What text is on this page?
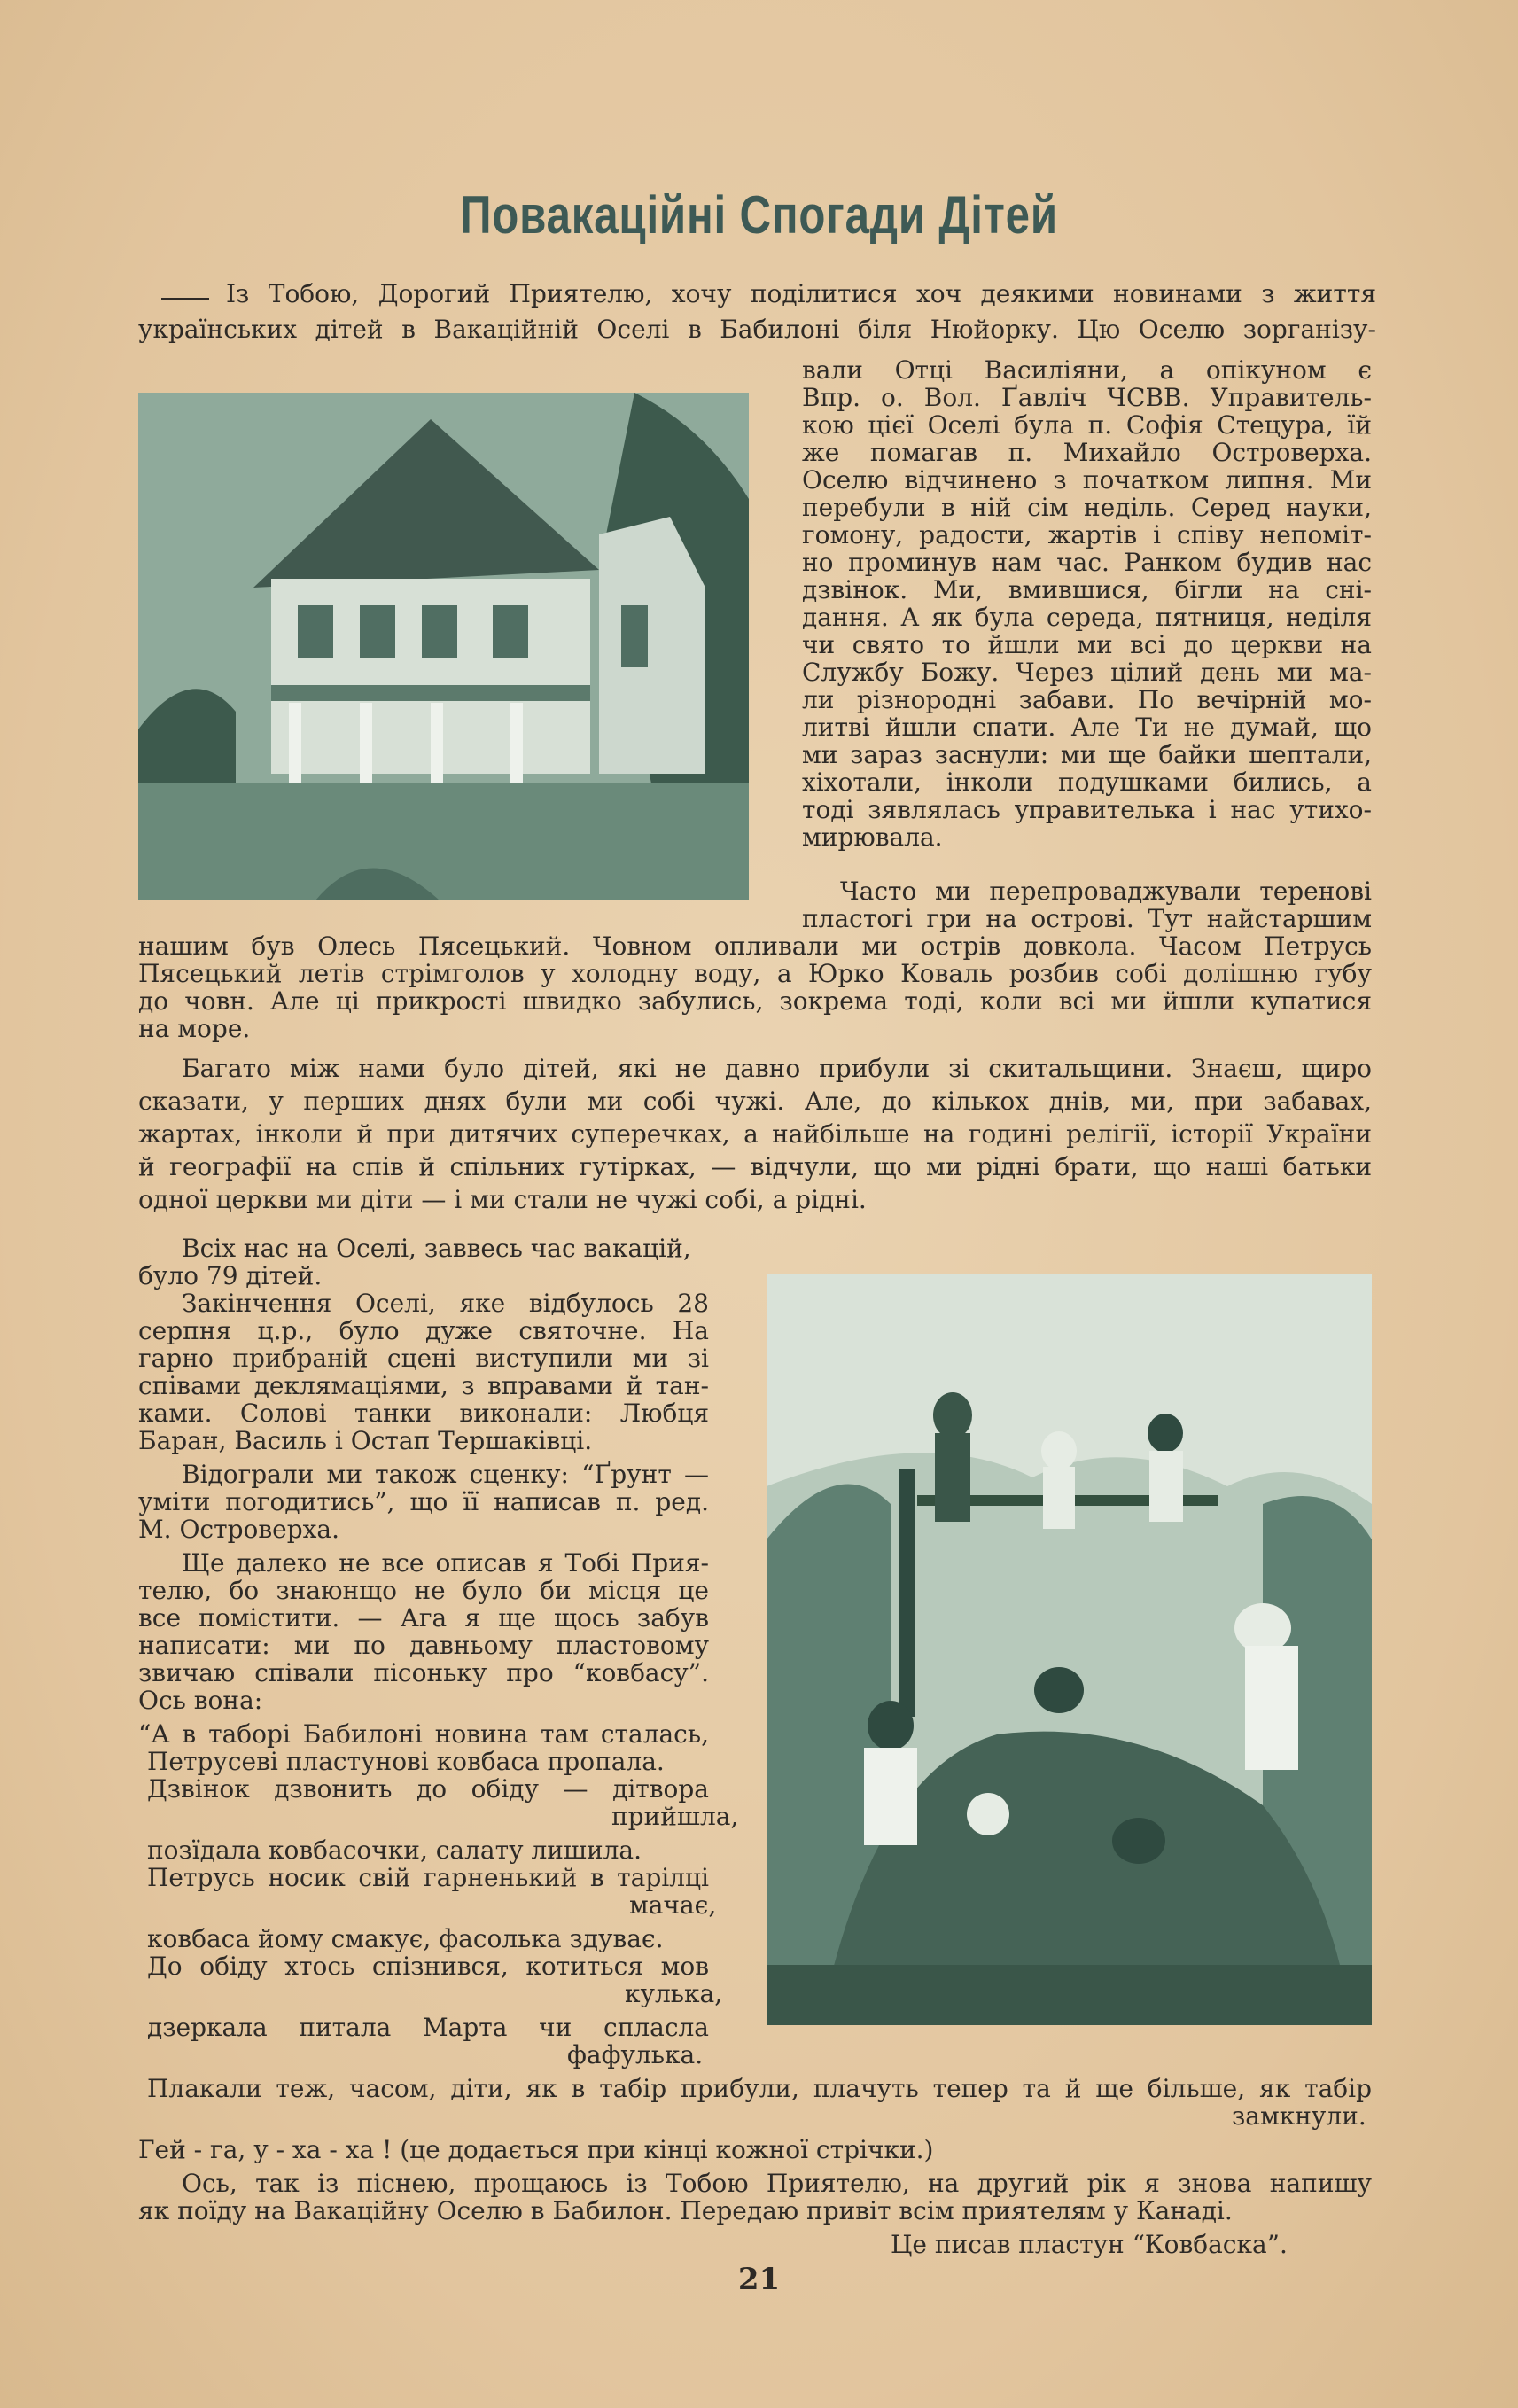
Повакаційні Спогади Дітей
Із Тобою, Дорогий Приятелю, хочу поділитися хоч деякими новинами з життя
українських дітей в Вакаційній Оселі в Бабилоні біля Нюйорку. Цю Оселю зорганізу-
вали Отці Василіяни, а опікуном є
Впр. о. Вол. Ґавліч ЧСВВ. Управитель-
кою цієї Оселі була п. Софія Стецура, їй
же помагав п. Михайло Островерха.
Оселю відчинено з початком липня. Ми
перебули в ній сім неділь. Серед науки,
гомону, радости, жартів і співу непоміт-
но проминув нам час. Ранком будив нас
дзвінок. Ми, вмившися, бігли на сні-
дання. А як була середа, пятниця, неділя
чи свято то йшли ми всі до церкви на
Службу Божу. Через цілий день ми ма-
ли різнородні забави. По вечірній мо-
литві йшли спати. Але Ти не думай, що
ми зараз заснули: ми ще байки шептали,
хіхотали, інколи подушками бились, а
тоді зявлялась управителька і нас утихо-
мирювала.
Часто ми перепроваджували теренові
пластогі гри на острові. Тут найстаршим
нашим був Олесь Пясецький. Човном опливали ми острів довкола. Часом Петрусь
Пясецький летів стрімголов у холодну воду, а Юрко Коваль розбив собі долішню губу
до човн. Але ці прикрості швидко забулись, зокрема тоді, коли всі ми йшли купатися
на море.
Багато між нами було дітей, які не давно прибули зі скитальщини. Знаєш, щиро
сказати, у перших днях були ми собі чужі. Але, до кількох днів, ми, при забавах,
жартах, інколи й при дитячих суперечках, а найбільше на годині релігії, історії України
й географії на спів й спільних гутірках, — відчули, що ми рідні брати, що наші батьки
одної церкви ми діти — і ми стали не чужі собі, а рідні.
Всіх нас на Оселі, заввесь час вакацій,
було 79 дітей.
Закінчення Оселі, яке відбулось 28
серпня ц.р., було дуже святочне. На
гарно прибраній сцені виступили ми зі
співами деклямаціями, з вправами й тан-
ками. Солові танки виконали: Любця
Баран, Василь і Остап Тершаківці.
Відограли ми також сценку: “Ґрунт —
уміти погодитись”, що її написав п. ред.
М. Островерха.
Ще далеко не все описав я Тобі Прия-
телю, бо знаюнщо не було би місця це
все помістити. — Ага я ще щось забув
написати: ми по давньому пластовому
звичаю співали пісоньку про “ковбасу”.
Ось вона:
“А в таборі Бабилоні новина там сталась,
Петрусеві пластунові ковбаса пропала.
Дзвінок дзвонить до обіду — дітвора
прийшла,
позїдала ковбасочки, салату лишила.
Петрусь носик свій гарненький в тарілці
мачає,
ковбаса йому смакує, фасолька здуває.
До обіду хтось спізнився, котиться мов
кулька,
дзеркала питала Марта чи спласла
фафулька.
Плакали теж, часом, діти, як в табір прибули, плачуть тепер та й ще більше, як табір
замкнули.
Гей - га, у - ха - ха ! (це додається при кінці кожної стрічки.)
Ось, так із піснею, прощаюсь із Тобою Приятелю, на другий рік я знова напишу
як поїду на Вакаційну Оселю в Бабилон. Передаю привіт всім приятелям у Канаді.
Це писав пластун “Ковбаска”.
21
